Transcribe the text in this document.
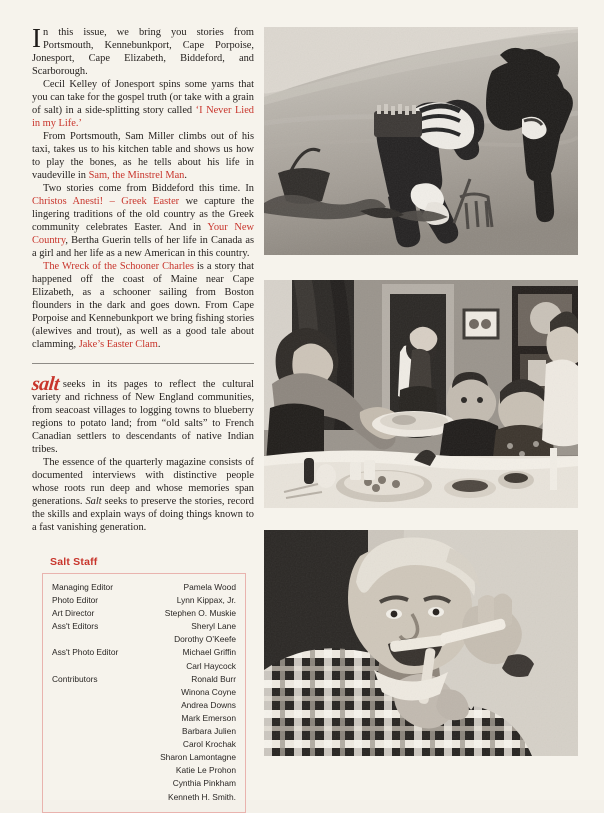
In this issue, we bring you stories from Portsmouth, Kennebunkport, Cape Porpoise, Jonesport, Cape Elizabeth, Biddeford, and Scarborough.

Cecil Kelley of Jonesport spins some yarns that you can take for the gospel truth (or take with a grain of salt) in a side-splitting story called ‘I Never Lied in my Life.’

From Portsmouth, Sam Miller climbs out of his taxi, takes us to his kitchen table and shows us how to play the bones, as he tells about his life in vaudeville in Sam, the Minstrel Man.

Two stories come from Biddeford this time. In Christos Anesti! – Greek Easter we capture the lingering traditions of the old country as the Greek community celebrates Easter. And in Your New Country, Bertha Guerin tells of her life in Canada as a girl and her life as a new American in this country.

The Wreck of the Schooner Charles is a story that happened off the coast of Maine near Cape Elizabeth, as a schooner sailing from Boston flounders in the dark and goes down. From Cape Porpoise and Kennebunkport we bring fishing stories (alewives and trout), as well as a good tale about clamming, Jake’s Easter Clam.

salt seeks in its pages to reflect the cultural variety and richness of New England communities, from seacoast villages to logging towns to blueberry regions to potato land; from “old salts” to French Canadian settlers to descendants of native Indian tribes.

The essence of the quarterly magazine consists of documented interviews with distinctive people whose roots run deep and whose memories span generations. Salt seeks to preserve the stories, record the skills and explain ways of doing things known to a fast vanishing generation.

Salt Staff
Managing Editor	Pamela Wood
Photo Editor	Lynn Kippax, Jr.
Art Director	Stephen O. Muskie
Ass't Editors	Sheryl Lane
Dorothy O’Keefe
Ass't Photo Editor	Michael Griffin
Carl Haycock
Contributors	Ronald Burr
Winona Coyne
Andrea Downs
Mark Emerson
Barbara Julien
Carol Krochak
Sharon Lamontagne
Katie Le Prohon
Cynthia Pinkham
Kenneth H. Smith.
